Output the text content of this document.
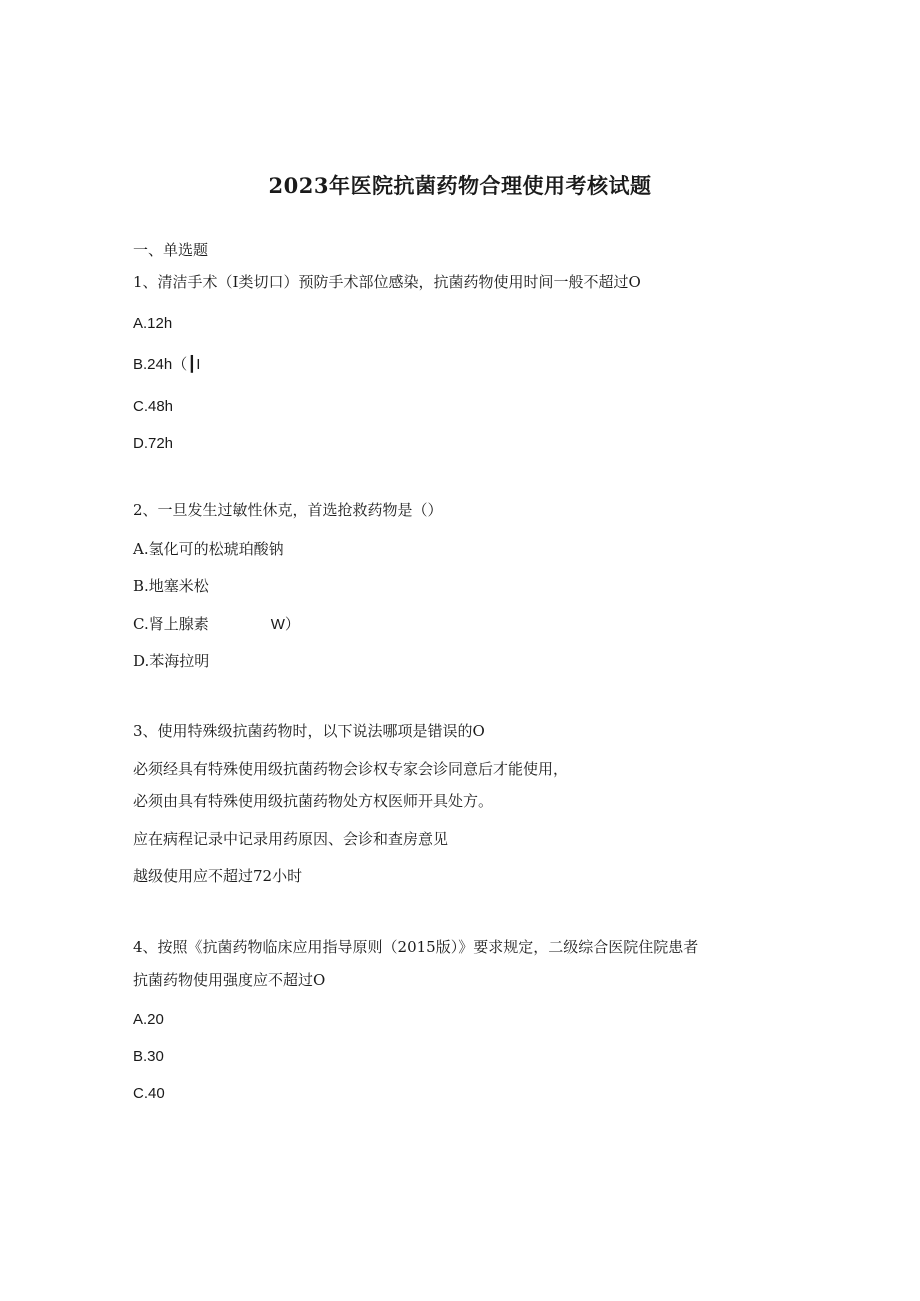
2023年医院抗菌药物合理使用考核试题
一、单选题
1、清洁手术（I类切口）预防手术部位感染，抗菌药物使用时间一般不超过O
A.12h
B.24h（┃I
C.48h
D.72h
2、一旦发生过敏性休克，首选抢救药物是（）
A.氢化可的松琥珀酸钠
B.地塞米松
C.肾上腺素	W）
D.苯海拉明
3、使用特殊级抗菌药物时，以下说法哪项是错误的O
必须经具有特殊使用级抗菌药物会诊权专家会诊同意后才能使用，
必须由具有特殊使用级抗菌药物处方权医师开具处方。
应在病程记录中记录用药原因、会诊和查房意见
越级使用应不超过72小时
4、按照《抗菌药物临床应用指导原则（2015版）》要求规定，二级综合医院住院患者
抗菌药物使用强度应不超过O
A.20
B.30
C.40
